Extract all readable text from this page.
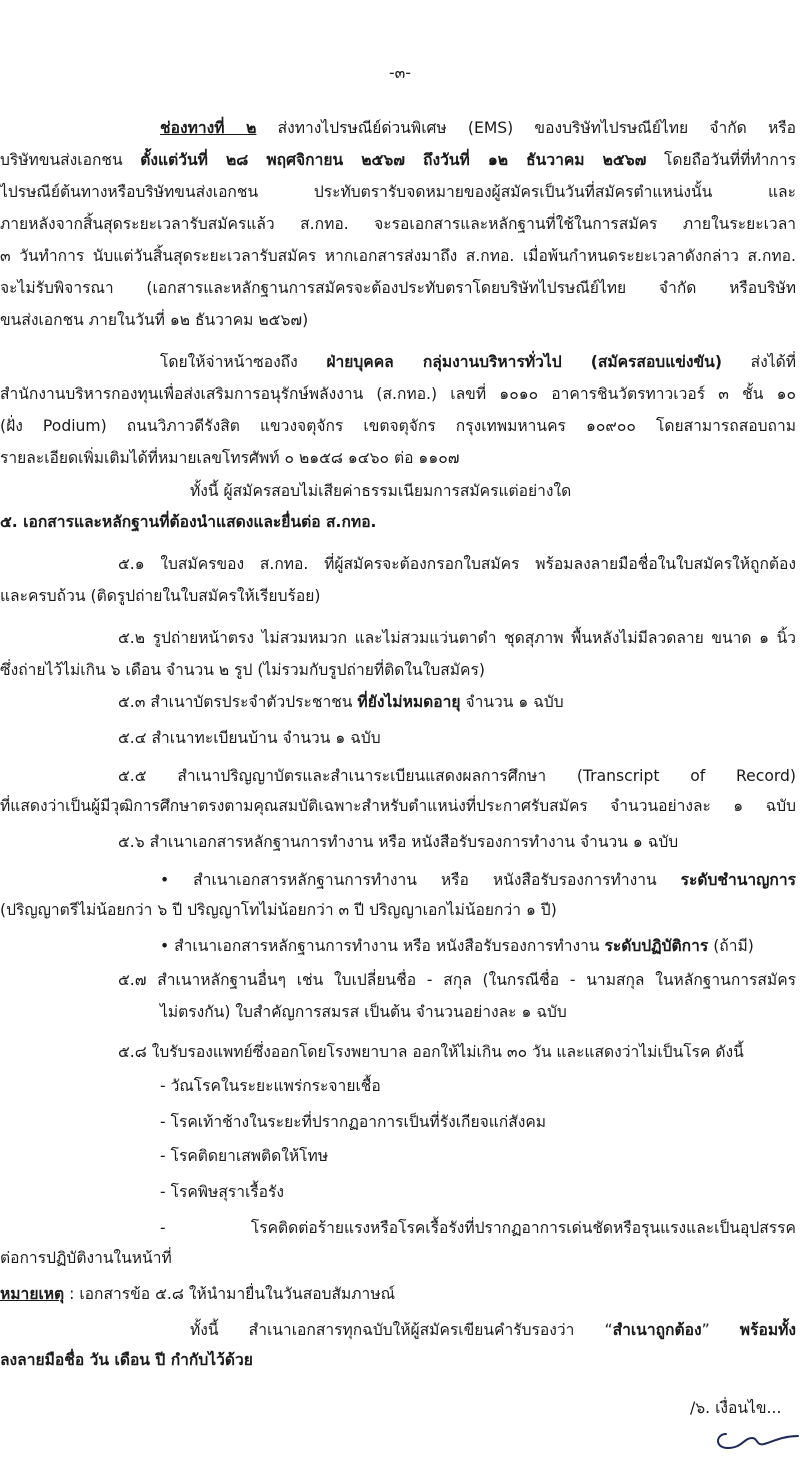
-๓-
ช่องทางที่ ๒ ส่งทางไปรษณีย์ด่วนพิเศษ (EMS) ของบริษัทไปรษณีย์ไทย จำกัด หรือ
บริษัทขนส่งเอกชน ตั้งแต่วันที่ ๒๘ พฤศจิกายน ๒๕๖๗ ถึงวันที่ ๑๒ ธันวาคม ๒๕๖๗ โดยถือวันที่ที่ทำการ
ไปรษณีย์ต้นทางหรือบริษัทขนส่งเอกชน ประทับตรารับจดหมายของผู้สมัครเป็นวันที่สมัครตำแหน่งนั้น และ
ภายหลังจากสิ้นสุดระยะเวลารับสมัครแล้ว ส.กทอ. จะรอเอกสารและหลักฐานที่ใช้ในการสมัคร ภายในระยะเวลา
๓ วันทำการ นับแต่วันสิ้นสุดระยะเวลารับสมัคร หากเอกสารส่งมาถึง ส.กทอ. เมื่อพ้นกำหนดระยะเวลาดังกล่าว ส.กทอ.
จะไม่รับพิจารณา (เอกสารและหลักฐานการสมัครจะต้องประทับตราโดยบริษัทไปรษณีย์ไทย จำกัด หรือบริษัท
ขนส่งเอกชน ภายในวันที่ ๑๒ ธันวาคม ๒๕๖๗)
โดยให้จ่าหน้าซองถึง ฝ่ายบุคคล กลุ่มงานบริหารทั่วไป (สมัครสอบแข่งขัน) ส่งได้ที่
สำนักงานบริหารกองทุนเพื่อส่งเสริมการอนุรักษ์พลังงาน (ส.กทอ.) เลขที่ ๑๐๑๐ อาคารชินวัตรทาวเวอร์ ๓ ชั้น ๑๐
(ฝั่ง Podium) ถนนวิภาวดีรังสิต แขวงจตุจักร เขตจตุจักร กรุงเทพมหานคร ๑๐๙๐๐ โดยสามารถสอบถาม
รายละเอียดเพิ่มเติมได้ที่หมายเลขโทรศัพท์ ๐ ๒๑๕๘ ๑๔๖๐ ต่อ ๑๑๐๗
ทั้งนี้ ผู้สมัครสอบไม่เสียค่าธรรมเนียมการสมัครแต่อย่างใด
๕. เอกสารและหลักฐานที่ต้องนำแสดงและยื่นต่อ ส.กทอ.
๕.๑ ใบสมัครของ ส.กทอ. ที่ผู้สมัครจะต้องกรอกใบสมัคร พร้อมลงลายมือชื่อในใบสมัครให้ถูกต้อง
และครบถ้วน (ติดรูปถ่ายในใบสมัครให้เรียบร้อย)
๕.๒ รูปถ่ายหน้าตรง ไม่สวมหมวก และไม่สวมแว่นตาดำ ชุดสุภาพ พื้นหลังไม่มีลวดลาย ขนาด ๑ นิ้ว
ซึ่งถ่ายไว้ไม่เกิน ๖ เดือน จำนวน ๒ รูป (ไม่รวมกับรูปถ่ายที่ติดในใบสมัคร)
๕.๓ สำเนาบัตรประจำตัวประชาชน ที่ยังไม่หมดอายุ จำนวน ๑ ฉบับ
๕.๔ สำเนาทะเบียนบ้าน จำนวน ๑ ฉบับ
๕.๕ สำเนาปริญญาบัตรและสำเนาระเบียนแสดงผลการศึกษา (Transcript of Record)
ที่แสดงว่าเป็นผู้มีวุฒิการศึกษาตรงตามคุณสมบัติเฉพาะสำหรับตำแหน่งที่ประกาศรับสมัคร จำนวนอย่างละ ๑ ฉบับ
๕.๖ สำเนาเอกสารหลักฐานการทำงาน หรือ หนังสือรับรองการทำงาน จำนวน ๑ ฉบับ
• สำเนาเอกสารหลักฐานการทำงาน หรือ หนังสือรับรองการทำงาน ระดับชำนาญการ
(ปริญญาตรีไม่น้อยกว่า ๖ ปี ปริญญาโทไม่น้อยกว่า ๓ ปี ปริญญาเอกไม่น้อยกว่า ๑ ปี)
• สำเนาเอกสารหลักฐานการทำงาน หรือ หนังสือรับรองการทำงาน ระดับปฏิบัติการ (ถ้ามี)
๕.๗ สำเนาหลักฐานอื่นๆ เช่น ใบเปลี่ยนชื่อ - สกุล (ในกรณีชื่อ - นามสกุล ในหลักฐานการสมัคร
ไม่ตรงกัน) ใบสำคัญการสมรส เป็นต้น จำนวนอย่างละ ๑ ฉบับ
๕.๘ ใบรับรองแพทย์ซึ่งออกโดยโรงพยาบาล ออกให้ไม่เกิน ๓๐ วัน และแสดงว่าไม่เป็นโรค ดังนี้
- วัณโรคในระยะแพร่กระจายเชื้อ
- โรคเท้าช้างในระยะที่ปรากฏอาการเป็นที่รังเกียจแก่สังคม
- โรคติดยาเสพติดให้โทษ
- โรคพิษสุราเรื้อรัง
- โรคติดต่อร้ายแรงหรือโรคเรื้อรังที่ปรากฏอาการเด่นชัดหรือรุนแรงและเป็นอุปสรรค
ต่อการปฏิบัติงานในหน้าที่
หมายเหตุ : เอกสารข้อ ๕.๘ ให้นำมายื่นในวันสอบสัมภาษณ์
ทั้งนี้ สำเนาเอกสารทุกฉบับให้ผู้สมัครเขียนคำรับรองว่า “สำเนาถูกต้อง” พร้อมทั้ง
ลงลายมือชื่อ วัน เดือน ปี กำกับไว้ด้วย
/๖. เงื่อนไข...
